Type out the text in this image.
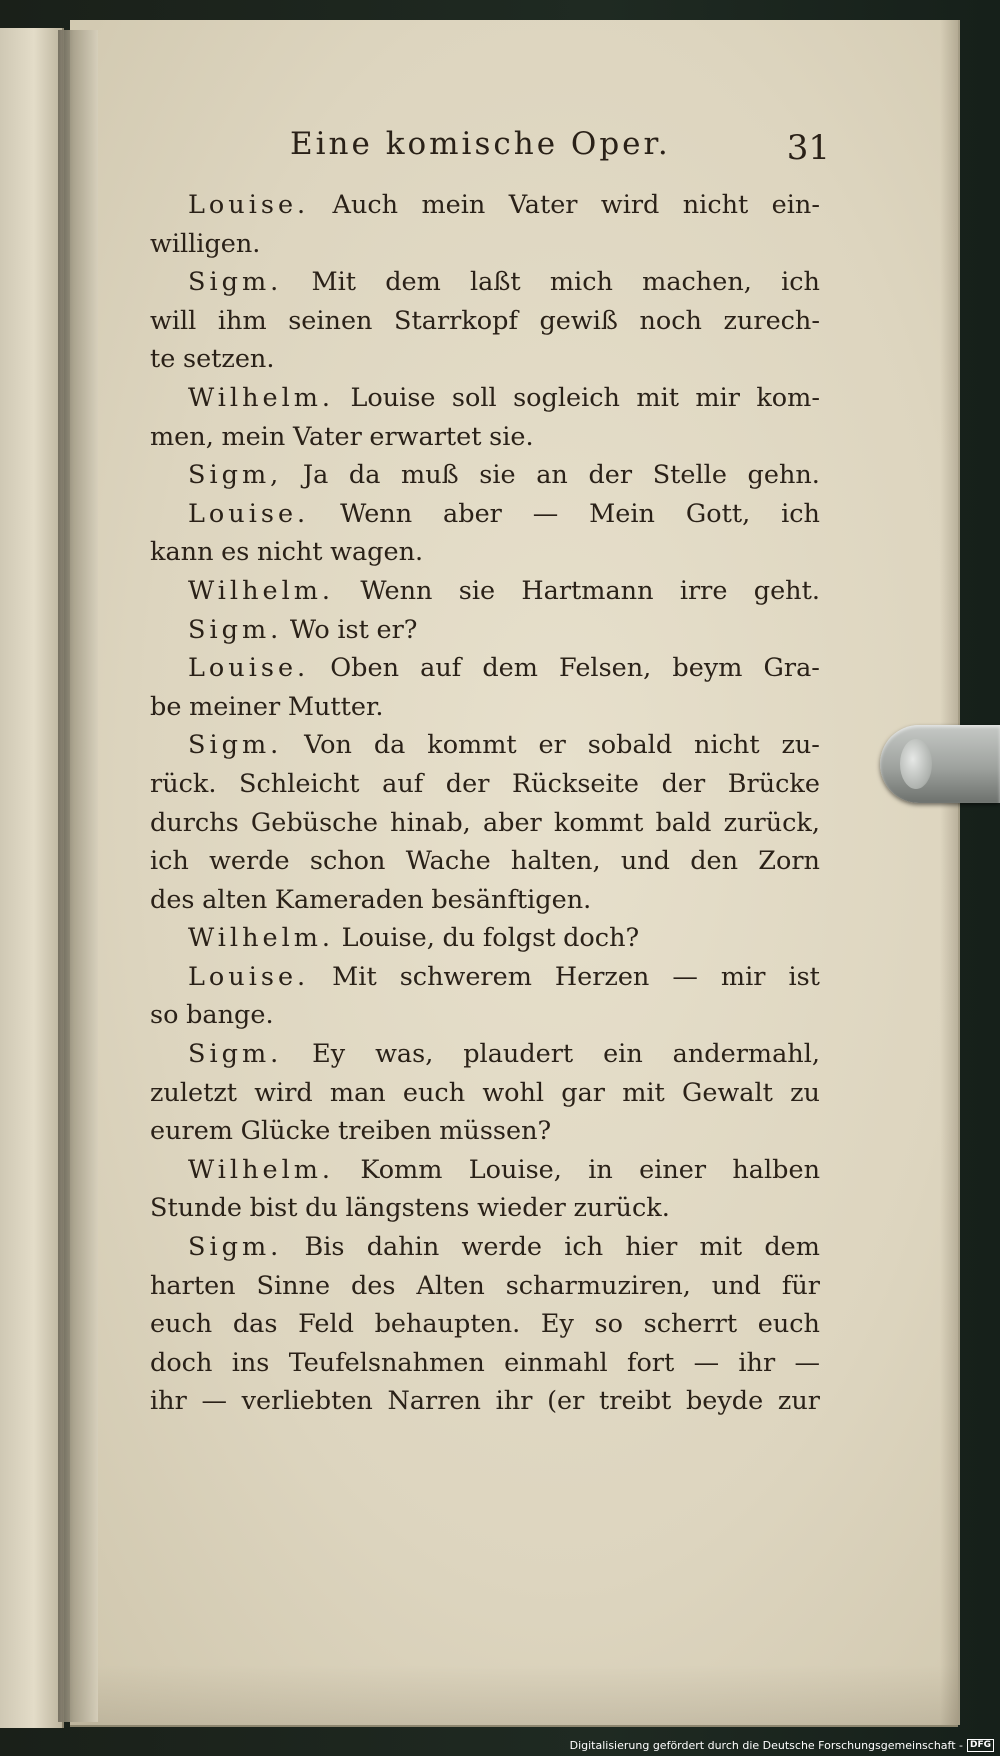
Eine komische Oper.	31
Louise. Auch mein Vater wird nicht ein-
willigen.
Sigm. Mit dem laßt mich machen, ich
will ihm seinen Starrkopf gewiß noch zurech-
te setzen.
Wilhelm. Louise soll sogleich mit mir kom-
men, mein Vater erwartet sie.
Sigm, Ja da muß sie an der Stelle gehn.
Louise. Wenn aber — Mein Gott, ich
kann es nicht wagen.
Wilhelm. Wenn sie Hartmann irre geht.
Sigm. Wo ist er?
Louise. Oben auf dem Felsen, beym Gra-
be meiner Mutter.
Sigm. Von da kommt er sobald nicht zu-
rück. Schleicht auf der Rückseite der Brücke
durchs Gebüsche hinab, aber kommt bald zurück,
ich werde schon Wache halten, und den Zorn
des alten Kameraden besänftigen.
Wilhelm. Louise, du folgst doch?
Louise. Mit schwerem Herzen — mir ist
so bange.
Sigm. Ey was, plaudert ein andermahl,
zuletzt wird man euch wohl gar mit Gewalt zu
eurem Glücke treiben müssen?
Wilhelm. Komm Louise, in einer halben
Stunde bist du längstens wieder zurück.
Sigm. Bis dahin werde ich hier mit dem
harten Sinne des Alten scharmuziren, und für
euch das Feld behaupten. Ey so scherrt euch
doch ins Teufelsnahmen einmahl fort — ihr —
ihr — verliebten Narren ihr (er treibt beyde zur
Digitalisierung gefördert durch die Deutsche Forschungsgemeinschaft - DFG
